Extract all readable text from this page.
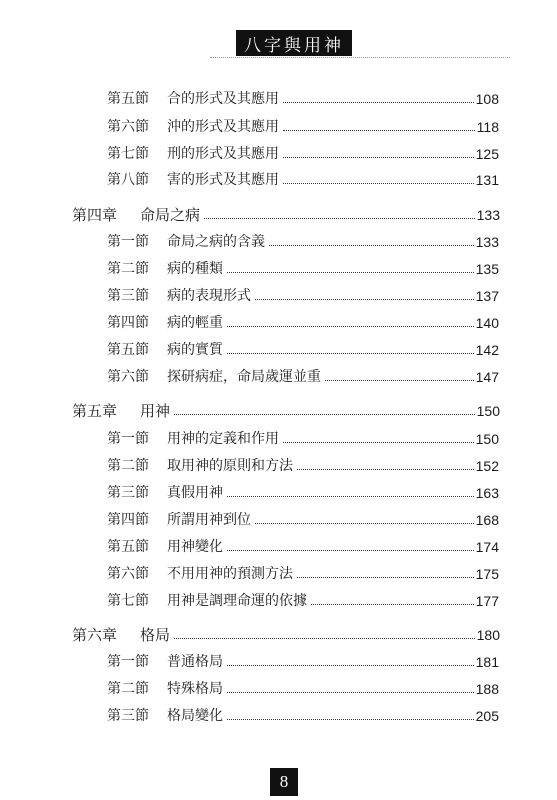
八字與用神
第五節	合的形式及其應用	108
第六節	沖的形式及其應用	118
第七節	刑的形式及其應用	125
第八節	害的形式及其應用	131
第四章	命局之病	133
第一節	命局之病的含義	133
第二節	病的種類	135
第三節	病的表現形式	137
第四節	病的輕重	140
第五節	病的實質	142
第六節	探研病症，命局歲運並重	147
第五章	用神	150
第一節	用神的定義和作用	150
第二節	取用神的原則和方法	152
第三節	真假用神	163
第四節	所謂用神到位	168
第五節	用神變化	174
第六節	不用用神的預測方法	175
第七節	用神是調理命運的依據	177
第六章	格局	180
第一節	普通格局	181
第二節	特殊格局	188
第三節	格局變化	205
8
